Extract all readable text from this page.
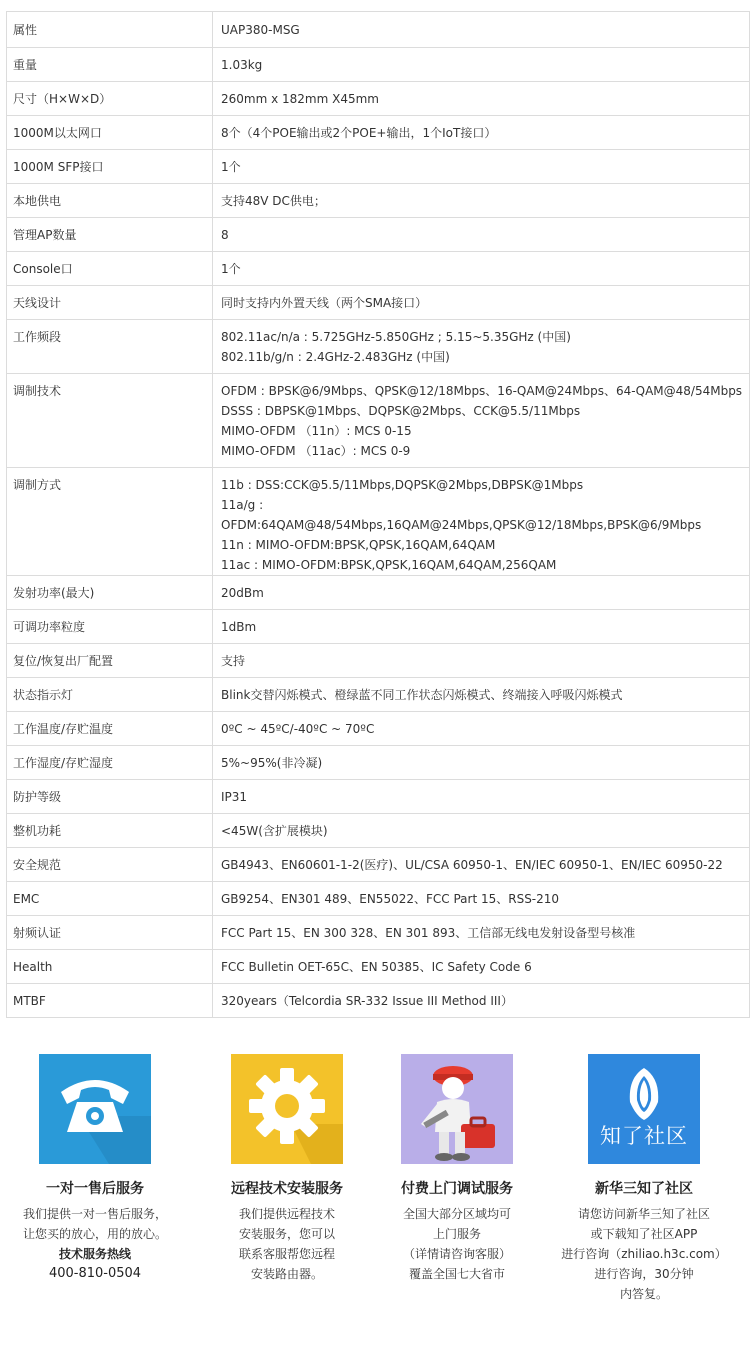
属性	UAP380-MSG

重量	1.03kg

尺寸（H×W×D）	260mm x 182mm X45mm

1000M以太网口	8个（4个POE输出或2个POE+输出，1个IoT接口）

1000M SFP接口	1个

本地供电	支持48V DC供电；

管理AP数量	8

Console口	1个

天线设计	同时支持内外置天线（两个SMA接口）

工作频段	802.11ac/n/a : 5.725GHz-5.850GHz ; 5.15~5.35GHz (中国)
802.11b/g/n : 2.4GHz-2.483GHz (中国)

调制技术	OFDM : BPSK@6/9Mbps、QPSK@12/18Mbps、16-QAM@24Mbps、64-QAM@48/54Mbps
DSSS : DBPSK@1Mbps、DQPSK@2Mbps、CCK@5.5/11Mbps
MIMO-OFDM （11n）: MCS 0-15
MIMO-OFDM （11ac）: MCS 0-9

调制方式	11b : DSS:CCK@5.5/11Mbps,DQPSK@2Mbps,DBPSK@1Mbps
11a/g : OFDM:64QAM@48/54Mbps,16QAM@24Mbps,QPSK@12/18Mbps,BPSK@6/9Mbps
11n : MIMO-OFDM:BPSK,QPSK,16QAM,64QAM
11ac : MIMO-OFDM:BPSK,QPSK,16QAM,64QAM,256QAM

发射功率(最大)	20dBm

可调功率粒度	1dBm

复位/恢复出厂配置	支持

状态指示灯	Blink交替闪烁模式、橙绿蓝不同工作状态闪烁模式、终端接入呼吸闪烁模式

工作温度/存贮温度	0ºC ~ 45ºC/-40ºC ~ 70ºC

工作湿度/存贮湿度	5%~95%(非冷凝)

防护等级	IP31

整机功耗	<45W(含扩展模块)

安全规范	GB4943、EN60601-1-2(医疗)、UL/CSA 60950-1、EN/IEC 60950-1、EN/IEC 60950-22

EMC	GB9254、EN301 489、EN55022、FCC Part 15、RSS-210

射频认证	FCC Part 15、EN 300 328、EN 301 893、工信部无线电发射设备型号核准

Health	FCC Bulletin OET-65C、EN 50385、IC Safety Code 6

MTBF	320years（Telcordia SR-332 Issue III Method III）
一对一售后服务
我们提供一对一售后服务，
让您买的放心，用的放心。
技术服务热线
400-810-0504
远程技术安装服务
我们提供远程技术
安装服务，您可以
联系客服帮您远程
安装路由器。
付费上门调试服务
全国大部分区域均可
上门服务
（详情请咨询客服）
覆盖全国七大省市
知了社区
新华三知了社区
请您访问新华三知了社区
或下载知了社区APP
进行咨询（zhiliao.h3c.com）
进行咨询，30分钟
内答复。
